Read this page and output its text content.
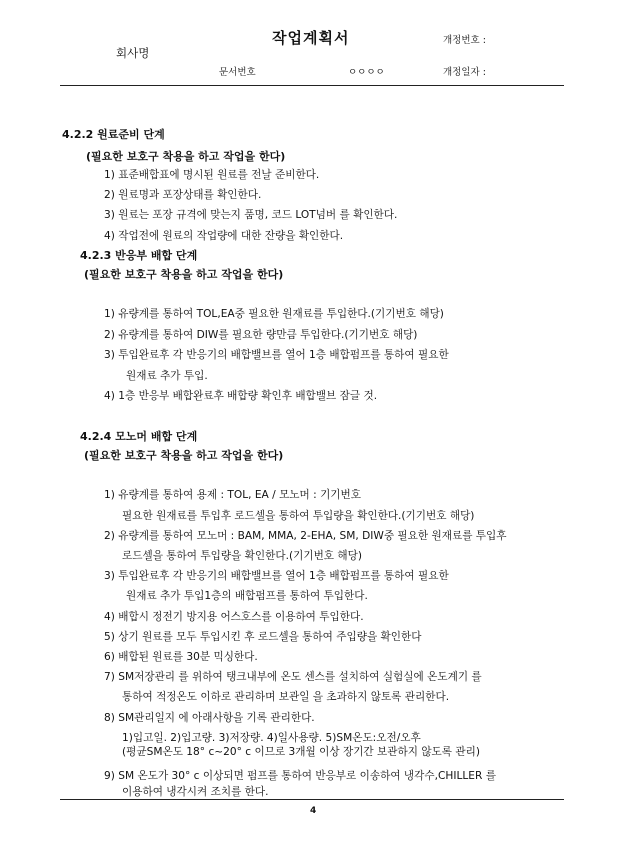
작업계획서
회사명
개정번호 :
문서번호	ㅇㅇㅇㅇ	개정일자 :
4.2.2 원료준비 단계
(필요한 보호구 착용을 하고 작업을 한다)
1) 표준배합표에 명시된 원료를 전날 준비한다.
2) 원료명과 포장상태를 확인한다.
3) 원료는 포장 규격에 맞는지 품명, 코드 LOT넘버 를 확인한다.
4) 작업전에 원료의 작업량에 대한 잔량을 확인한다.
4.2.3 반응부 배합 단계
(필요한 보호구 착용을 하고 작업을 한다)
1) 유량계를 통하여 TOL,EA중 필요한 원재료를 투입한다.(기기번호 해당)
2) 유량계를 통하여 DIW를 필요한 량만큼 투입한다.(기기번호 해당)
3) 투입완료후 각 반응기의 배합밸브를 열어 1층 배합펌프를 통하여 필요한
원재료 추가 투입.
4) 1층 반응부 배합완료후 배합량 확인후 배합밸브 잠글 것.
4.2.4 모노머 배합 단계
(필요한 보호구 착용을 하고 작업을 한다)
1) 유량계를 통하여 용제 : TOL, EA / 모노머 : 기기번호
필요한 원재료를 투입후 로드셀을 통하여 투입량을 확인한다.(기기번호 해당)
2) 유량계를 통하여 모노머 : BAM, MMA, 2-EHA, SM, DIW중 필요한 원재료를 투입후
로드셀을 통하여 투입량을 확인한다.(기기번호 해당)
3) 투입완료후 각 반응기의 배합밸브를 열어 1층 배합펌프를 통하여 필요한
원재료 추가 투입1층의 배합펌프를 통하여 투입한다.
4) 배합시 정전기 방지용 어스호스를 이용하여 투입한다.
5) 상기 원료를 모두 투입시킨 후 로드셀을 통하여 주입량을 확인한다
6) 배합된 원료를 30분 믹싱한다.
7) SM저장관리 를 위하여 탱크내부에 온도 센스를 설치하여 실험실에 온도계기 를
통하여 적정온도 이하로 관리하며 보관일 을 초과하지 않토록 관리한다.
8) SM관리일지 에 아래사항을 기록 관리한다.
1)입고일. 2)입고량. 3)저장량. 4)일사용량. 5)SM온도:오전/오후
(평균SM온도 18° c~20° c 이므로 3개월 이상 장기간 보관하지 않도록 관리)
9) SM 온도가 30° c 이상되면 펌프를 통하여 반응부로 이송하여 냉각수,CHILLER 를
이용하여 냉각시켜 조치를 한다.
4
